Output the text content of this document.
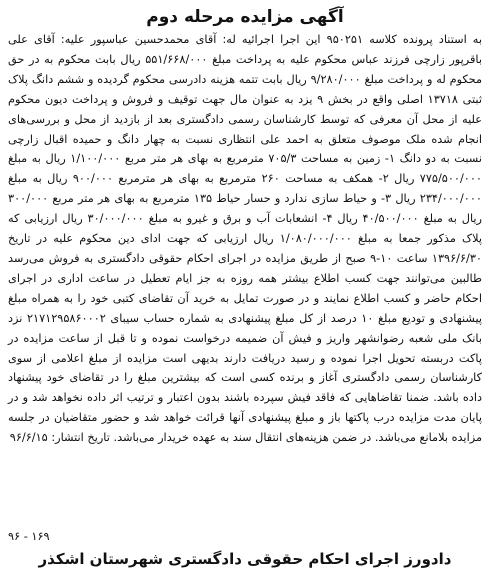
آگهی مزایده مرحله دوم
به استناد پرونده کلاسه ۹۵۰۲۵۱ این اجرا اجرائیه له: آقای محمدحسین عباسپور علیه: آقای علی باقرپور زارچی فرزند عباس محکوم علیه به پرداخت مبلغ ۵۵۱/۶۶۸/۰۰۰ ریال بابت محکوم به در حق محکوم له و پرداخت مبلغ ۹/۲۸۰/۰۰۰ ریال بابت تتمه هزینه دادرسی محکوم گردیده و ششم دانگ پلاک ثبتی ۱۳۷۱۸ اصلی واقع در بخش ۹ یزد به عنوان مال جهت توقیف و فروش و پرداخت دیون محکوم علیه از محل آن معرفی که توسط کارشناسان رسمی دادگستری بعد از بازدید از محل و بررسی‌های انجام شده ملک موصوف متعلق به احمد علی انتظاری نسبت به چهار دانگ و حمیده اقبال زارچی نسبت به دو دانگ ۱- زمین به مساحت ۷۰۵/۳ مترمربع به بهای هر متر مربع ۱/۱۰۰/۰۰۰ ریال به مبلغ ۷۷۵/۵۰۰/۰۰۰ ریال ۲- همکف به مساحت ۲۶۰ مترمربع به بهای هر مترمربع ۹۰۰/۰۰۰ ریال به مبلغ ۲۳۴/۰۰۰/۰۰۰ ریال ۳- و حیاط سازی ندارد و حسار حیاط ۱۳۵ مترمربع به بهای هر متر مربع ۳۰۰/۰۰۰ ریال به مبلغ ۴۰/۵۰۰/۰۰۰ ریال ۴- انشعابات آب و برق و غیرو به مبلغ ۳۰/۰۰۰/۰۰۰ ریال ارزیابی که پلاک مذکور جمعا به مبلغ ۱/۰۸۰/۰۰۰/۰۰۰ ریال ارزیابی که جهت ادای دین محکوم علیه در تاریخ ۱۳۹۶/۶/۳۰ ساعت ۱۰-۹ صبح از طریق مزایده در اجرای احکام حقوقی دادگستری به فروش می‌رسد طالبین می‌توانند جهت کسب اطلاع بیشتر همه روزه به جز ایام تعطیل در ساعت اداری در اجرای احکام حاضر و کسب اطلاع نمایند و در صورت تمایل به خرید آن تقاضای کتبی خود را به همراه مبلغ پیشنهادی و تودیع مبلغ ۱۰ درصد از کل مبلغ پیشنهادی به شماره حساب سیبای ۲۱۷۱۲۹۵۸۶۰۰۰۲ نزد بانک ملی شعبه رضوانشهر واریز و فیش آن ضمیمه درخواست نموده و تا قبل از ساعت مزایده در پاکت دربسته تحویل اجرا نموده و رسید دریافت دارند بدیهی است مزایده از مبلغ اعلامی از سوی کارشناسان رسمی دادگستری آغاز و برنده کسی است که بیشترین مبلغ را در تقاضای خود پیشنهاد داده باشد. ضمنا تقاضاهایی که فاقد فیش سپرده باشند بدون اعتبار و ترتیب اثر داده نخواهد شد و در پایان مدت مزایده درب پاکتها باز و مبلغ پیشنهادی آنها قرائت خواهد شد و حضور متقاضیان در جلسه مزایده بلامانع می‌باشد. در ضمن هزینه‌های انتقال سند به عهده خریدار می‌باشد. تاریخ انتشار: ۹۶/۶/۱۵
۱۶۹ - ۹۶
دادورز اجرای احکام حقوقی دادگستری شهرستان اشکذر
